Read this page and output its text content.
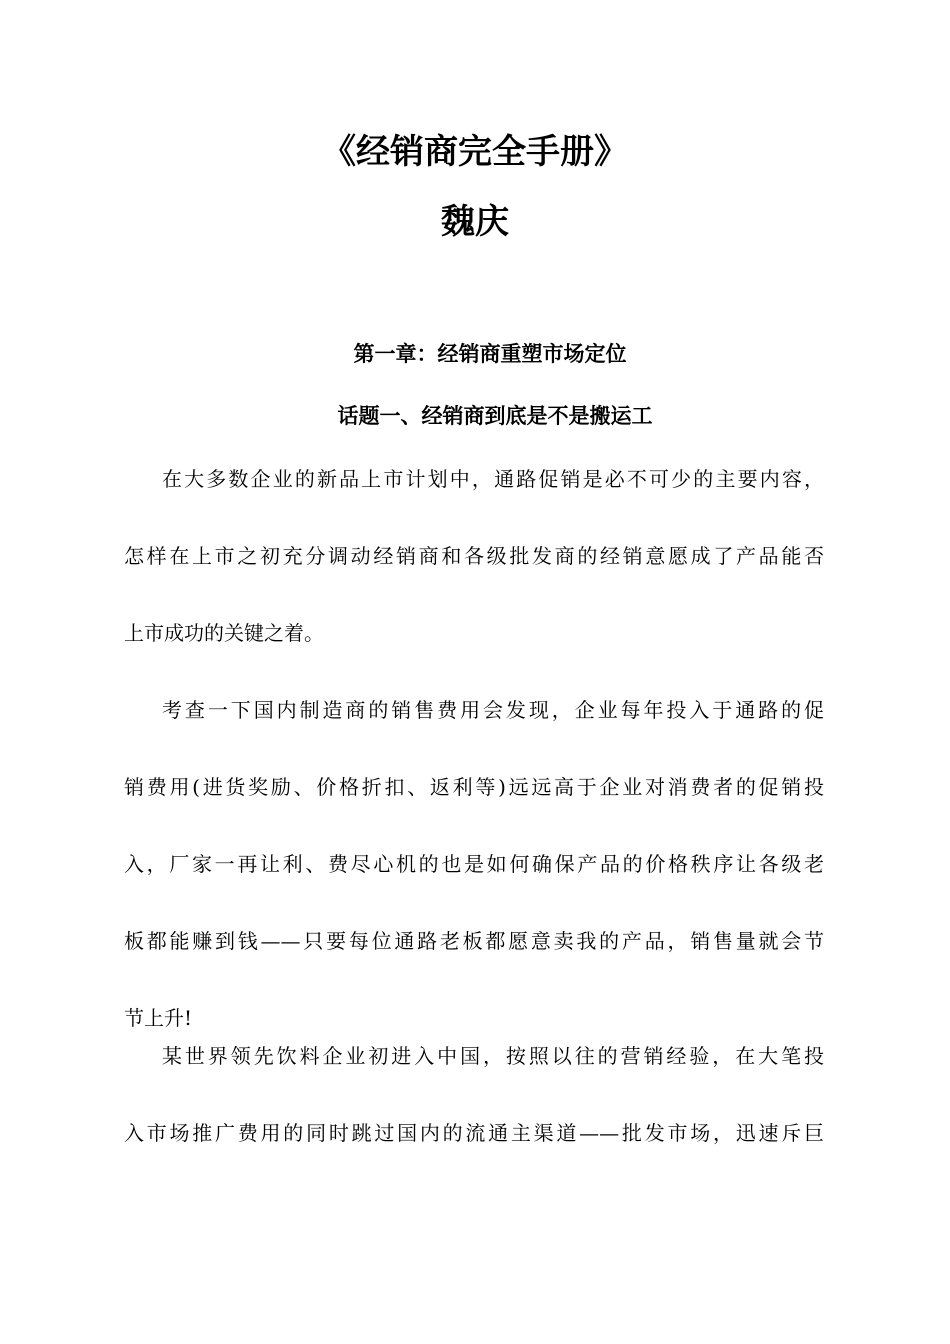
《经销商完全手册》
魏庆
第一章：经销商重塑市场定位
话题一、经销商到底是不是搬运工
在大多数企业的新品上市计划中，通路促销是必不可少的主要内容，
怎样在上市之初充分调动经销商和各级批发商的经销意愿成了产品能否
上市成功的关键之着。
考查一下国内制造商的销售费用会发现，企业每年投入于通路的促
销费用(进货奖励、价格折扣、返利等)远远高于企业对消费者的促销投
入，厂家一再让利、费尽心机的也是如何确保产品的价格秩序让各级老
板都能赚到钱——只要每位通路老板都愿意卖我的产品，销售量就会节
节上升!
某世界领先饮料企业初进入中国，按照以往的营销经验，在大笔投
入市场推广费用的同时跳过国内的流通主渠道——批发市场，迅速斥巨
